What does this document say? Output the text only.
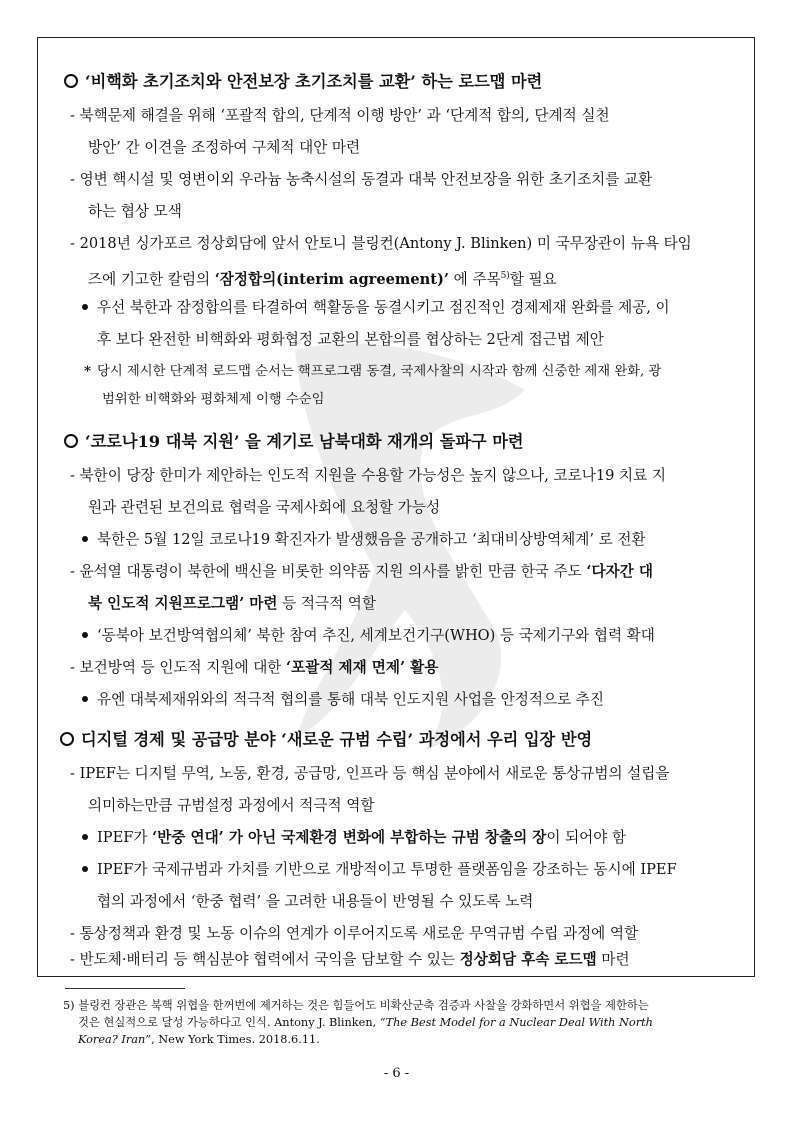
‘비핵화 초기조치와 안전보장 초기조치를 교환’ 하는 로드맵 마련
- 북핵문제 해결을 위해 ‘포괄적 합의, 단계적 이행 방안’ 과 ‘단계적 합의, 단계적 실천
방안’ 간 이견을 조정하여 구체적 대안 마련
- 영변 핵시설 및 영변이외 우라늄 농축시설의 동결과 대북 안전보장을 위한 초기조치를 교환
하는 협상 모색
- 2018년 싱가포르 정상회담에 앞서 안토니 블링컨(Antony J. Blinken) 미 국무장관이 뉴욕 타임
즈에 기고한 칼럼의 ‘잠정합의(interim agreement)’ 에 주목$^{5)}$할 필요
우선 북한과 잠정합의를 타결하여 핵활동을 동결시키고 점진적인 경제제재 완화를 제공, 이
후 보다 완전한 비핵화와 평화협정 교환의 본합의를 협상하는 2단계 접근법 제안
* 당시 제시한 단계적 로드맵 순서는 핵프로그램 동결, 국제사찰의 시작과 함께 신중한 제재 완화, 광
범위한 비핵화와 평화체제 이행 수순임
‘코로나19 대북 지원’ 을 계기로 남북대화 재개의 돌파구 마련
- 북한이 당장 한미가 제안하는 인도적 지원을 수용할 가능성은 높지 않으나, 코로나19 치료 지
원과 관련된 보건의료 협력을 국제사회에 요청할 가능성
북한은 5월 12일 코로나19 확진자가 발생했음을 공개하고 ‘최대비상방역체계’ 로 전환
- 윤석열 대통령이 북한에 백신을 비롯한 의약품 지원 의사를 밝힌 만큼 한국 주도 ‘다자간 대
북 인도적 지원프로그램’ 마련 등 적극적 역할
‘동북아 보건방역협의체’ 북한 참여 추진, 세계보건기구(WHO) 등 국제기구와 협력 확대
- 보건방역 등 인도적 지원에 대한 ‘포괄적 제재 면제’ 활용
유엔 대북제재위와의 적극적 협의를 통해 대북 인도지원 사업을 안정적으로 추진
디지털 경제 및 공급망 분야 ‘새로운 규범 수립’ 과정에서 우리 입장 반영
- IPEF는 디지털 무역, 노동, 환경, 공급망, 인프라 등 핵심 분야에서 새로운 통상규범의 설립을
의미하는만큼 규범설정 과정에서 적극적 역할
IPEF가 ‘반중 연대’ 가 아닌 국제환경 변화에 부합하는 규범 창출의 장이 되어야 함
IPEF가 국제규범과 가치를 기반으로 개방적이고 투명한 플랫폼임을 강조하는 동시에 IPEF
협의 과정에서 ‘한중 협력’ 을 고려한 내용들이 반영될 수 있도록 노력
- 통상정책과 환경 및 노동 이슈의 연계가 이루어지도록 새로운 무역규범 수립 과정에 역할
- 반도체·배터리 등 핵심분야 협력에서 국익을 담보할 수 있는 정상회담 후속 로드맵 마련
5) 블링컨 장관은 북핵 위협을 한꺼번에 제거하는 것은 힘들어도 비확산군축 검증과 사찰을 강화하면서 위협을 제한하는
것은 현실적으로 달성 가능하다고 인식. Antony J. Blinken, “The Best Model for a Nuclear Deal With North
Korea? Iran”, New York Times. 2018.6.11.
- 6 -
